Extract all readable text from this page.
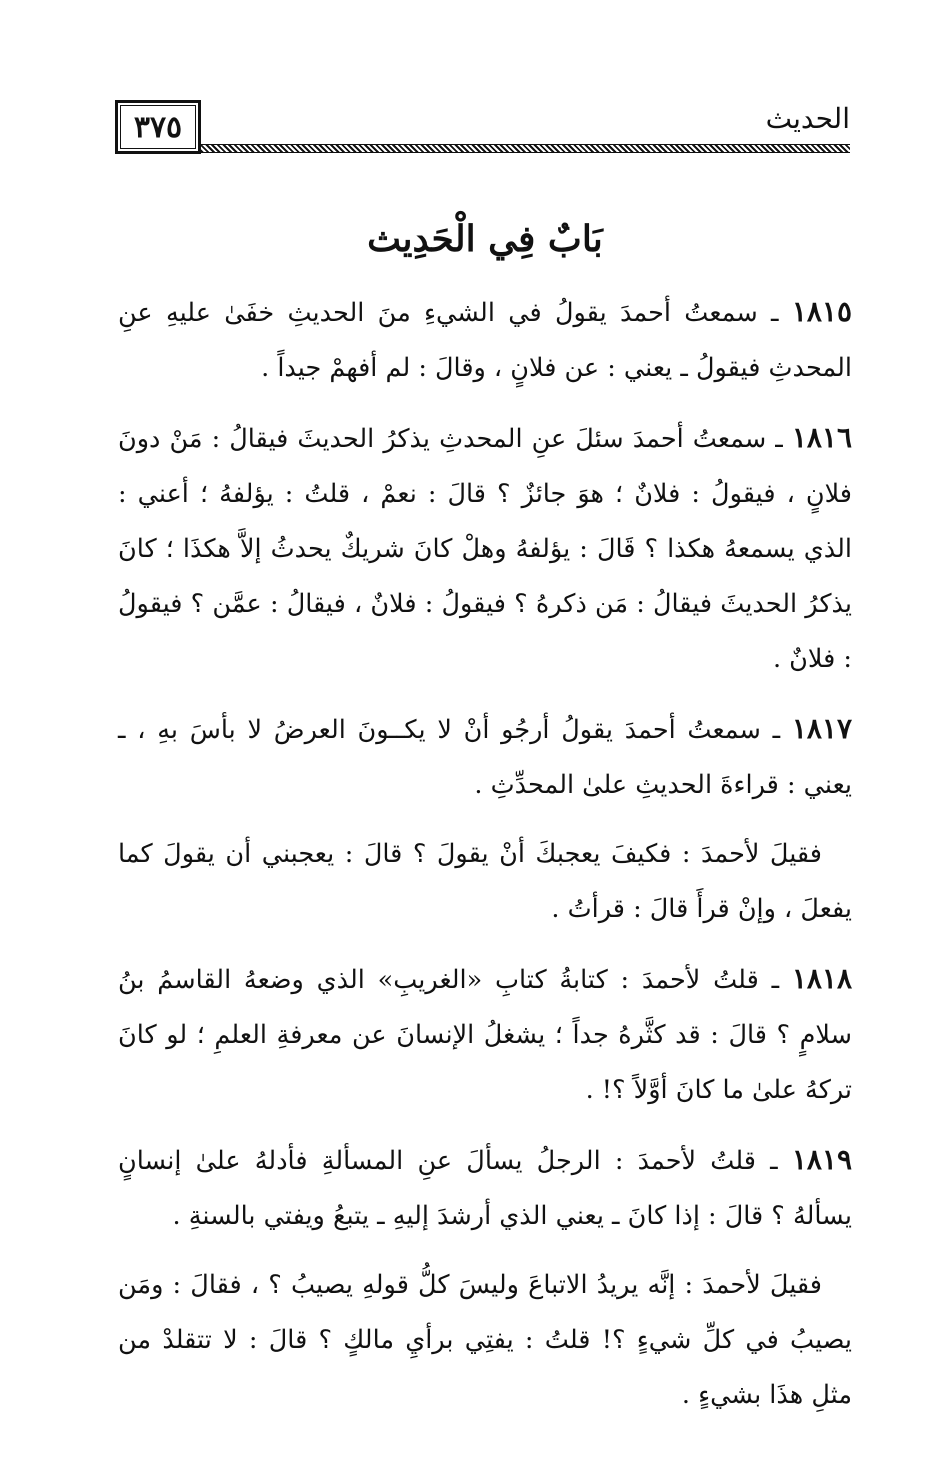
٣٧٥	الحديث
بَابٌ فِي الْحَدِيث

١٨١٥ ـ سمعتُ أحمدَ يقولُ في الشيءِ منَ الحديثِ خفَىٰ عليهِ عنِ المحدثِ فيقولُ ـ يعني : عن فلانٍ ، وقالَ : لم أفهمْ جيداً .

١٨١٦ ـ سمعتُ أحمدَ سئلَ عنِ المحدثِ يذكرُ الحديثَ فيقالُ : مَنْ دونَ فلانٍ ، فيقولُ : فلانٌ ؛ هوَ جائزٌ ؟ قالَ : نعمْ ، قلتُ : يؤلفهُ ؛ أعني : الذي يسمعهُ هكذا ؟ قَالَ : يؤلفهُ وهلْ كانَ شريكٌ يحدثُ إلاَّ هكذَا ؛ كانَ يذكرُ الحديثَ فيقالُ : مَن ذكرهُ ؟ فيقولُ : فلانٌ ، فيقالُ : عمَّن ؟ فيقولُ : فلانٌ .

١٨١٧ ـ سمعتُ أحمدَ يقولُ أرجُو أنْ لا يكــونَ العرضُ لا بأسَ بهِ ، ـ يعني : قراءةَ الحديثِ علىٰ المحدِّثِ .

فقيلَ لأحمدَ : فكيفَ يعجبكَ أنْ يقولَ ؟ قالَ : يعجبني أن يقولَ كما يفعلَ ، وإنْ قرأَ قالَ : قرأتُ .

١٨١٨ ـ قلتُ لأحمدَ : كتابةُ كتابِ «الغريبِ» الذي وضعهُ القاسمُ بنُ سلامٍ ؟ قالَ : قد كثَّرهُ جداً ؛ يشغلُ الإنسانَ عن معرفةِ العلمِ ؛ لو كانَ تركهُ علىٰ ما كانَ أوَّلاً ؟! .

١٨١٩ ـ قلتُ لأحمدَ : الرجلُ يسألَ عنِ المسألةِ فأدلهُ علىٰ إنسانٍ يسألهُ ؟ قالَ : إذا كانَ ـ يعني الذي أرشدَ إليهِ ـ يتبعُ ويفتي بالسنةِ .

فقيلَ لأحمدَ : إنَّه يريدُ الاتباعَ وليسَ كلُّ قولهِ يصيبُ ؟ ، فقالَ : ومَن يصيبُ في كلِّ شيءٍ ؟! قلتُ : يفتِي برأيِ مالكٍ ؟ قالَ : لا تتقلدْ من مثلِ هذَا بشيءٍ .
